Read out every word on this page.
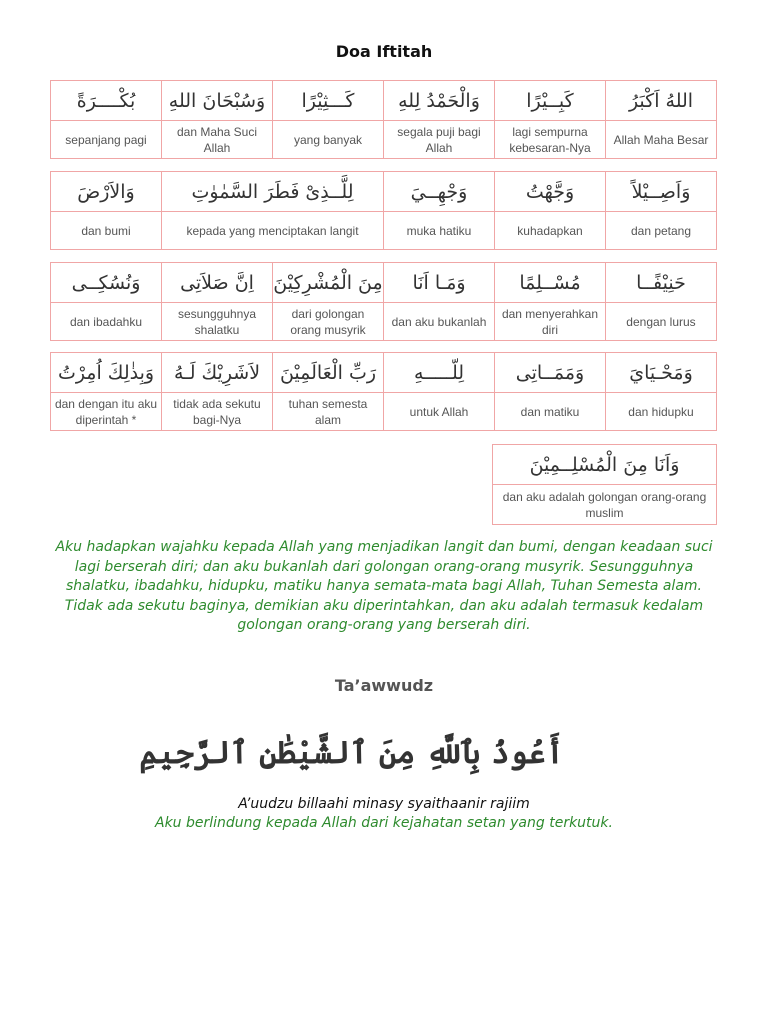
Doa Iftitah
بُكْــــرَةً	وَسُبْحَانَ اللهِ	كَـــثِيْرًا	وَالْحَمْدُ لِلهِ	كَبِــيْرًا	اللهُ اَكْبَرُ
sepanjang pagi	dan Maha Suci Allah	yang banyak	segala puji bagi Allah	lagi sempurna kebesaran-Nya	Allah Maha Besar
وَالاَرْضَ	لِلَّــذِىْ فَطَرَ السَّمٰوٰتِ	وَجْهِــيَ	وَجَّهْتُ	وَاَصِــيْلاً
dan bumi	kepada yang menciptakan langit	muka hatiku	kuhadapkan	dan petang
وَنُسُكِــى	اِنَّ صَلاَتِى	مِنَ الْمُشْرِكِيْنَ	وَمَـا اَنَا	مُسْــلِمًا	حَنِيْفًــا
dan ibadahku	sesungguhnya shalatku	dari golongan orang musyrik	dan aku bukanlah	dan menyerahkan diri	dengan lurus
وَبِذٰلِكَ اُمِرْتُ	لاَشَرِيْكَ لَـهُ	رَبِّ الْعَالَمِيْنَ	لِلّـــــهِ	وَمَمَــاتِى	وَمَحْـيَايَ
dan dengan itu aku diperintah *	tidak ada sekutu bagi-Nya	tuhan semesta alam	untuk Allah	dan matiku	dan hidupku
وَاَنَا مِنَ الْمُسْلِــمِيْنَ
dan aku adalah golongan orang-orang muslim

Aku hadapkan wajahku kepada Allah yang menjadikan langit dan bumi, dengan keadaan suci lagi berserah diri; dan aku bukanlah dari golongan orang-orang musyrik. Sesungguhnya shalatku, ibadahku, hidupku, matiku hanya semata-mata bagi Allah, Tuhan Semesta alam. Tidak ada sekutu baginya, demikian aku diperintahkan, dan aku adalah termasuk kedalam golongan orang-orang yang berserah diri.

Ta’awwudz
أَعُوذُ بِٱللَّهِ مِنَ ٱلشَّيْطَٰنِ ٱلرَّجِيمِ
A’uudzu billaahi minasy syaithaanir rajiim
Aku berlindung kepada Allah dari kejahatan setan yang terkutuk.
